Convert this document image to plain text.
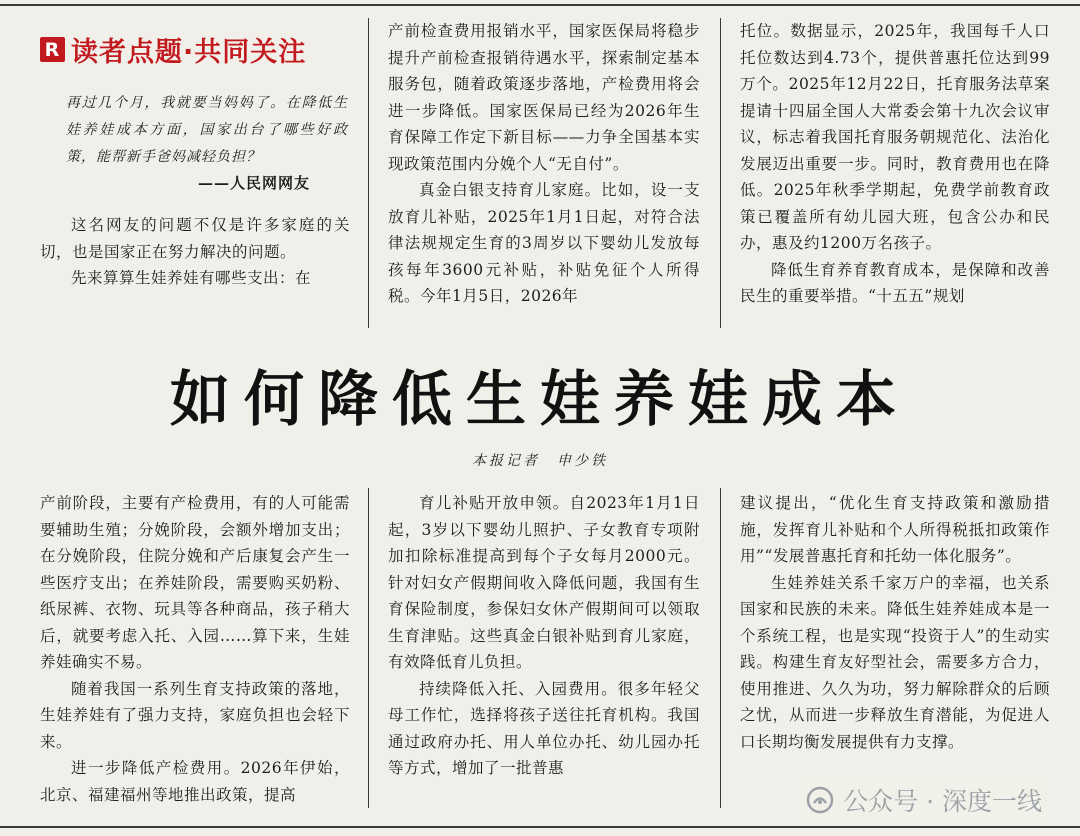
R 读者点题·共同关注
再过几个月，我就要当妈妈了。在降低生娃养娃成本方面，国家出台了哪些好政策，能帮新手爸妈减轻负担？
——人民网网友

这名网友的问题不仅是许多家庭的关切，也是国家正在努力解决的问题。

先来算算生娃养娃有哪些支出：在

产前检查费用报销水平，国家医保局将稳步提升产前检查报销待遇水平，探索制定基本服务包，随着政策逐步落地，产检费用将会进一步降低。国家医保局已经为2026年生育保障工作定下新目标——力争全国基本实现政策范围内分娩个人“无自付”。

真金白银支持育儿家庭。比如，设一支放育儿补贴，2025年1月1日起，对符合法律法规规定生育的3周岁以下婴幼儿发放每孩每年3600元补贴，补贴免征个人所得税。今年1月5日，2026年

托位。数据显示，2025年，我国每千人口托位数达到4.73个，提供普惠托位达到99万个。2025年12月22日，托育服务法草案提请十四届全国人大常委会第十九次会议审议，标志着我国托育服务朝规范化、法治化发展迈出重要一步。同时，教育费用也在降低。2025年秋季学期起，免费学前教育政策已覆盖所有幼儿园大班，包含公办和民办，惠及约1200万名孩子。

降低生育养育教育成本，是保障和改善民生的重要举措。“十五五”规划

如何降低生娃养娃成本
本报记者　申少铁

产前阶段，主要有产检费用，有的人可能需要辅助生殖；分娩阶段，会额外增加支出；在分娩阶段，住院分娩和产后康复会产生一些医疗支出；在养娃阶段，需要购买奶粉、纸尿裤、衣物、玩具等各种商品，孩子稍大后，就要考虑入托、入园……算下来，生娃养娃确实不易。

随着我国一系列生育支持政策的落地，生娃养娃有了强力支持，家庭负担也会轻下来。

进一步降低产检费用。2026年伊始，北京、福建福州等地推出政策，提高

育儿补贴开放申领。自2023年1月1日起，3岁以下婴幼儿照护、子女教育专项附加扣除标准提高到每个子女每月2000元。针对妇女产假期间收入降低问题，我国有生育保险制度，参保妇女休产假期间可以领取生育津贴。这些真金白银补贴到育儿家庭，有效降低育儿负担。

持续降低入托、入园费用。很多年轻父母工作忙，选择将孩子送往托育机构。我国通过政府办托、用人单位办托、幼儿园办托等方式，增加了一批普惠

建议提出，“优化生育支持政策和激励措施，发挥育儿补贴和个人所得税抵扣政策作用”“发展普惠托育和托幼一体化服务”。

生娃养娃关系千家万户的幸福，也关系国家和民族的未来。降低生娃养娃成本是一个系统工程，也是实现“投资于人”的生动实践。构建生育友好型社会，需要多方合力，使用推进、久久为功，努力解除群众的后顾之忧，从而进一步释放生育潜能，为促进人口长期均衡发展提供有力支撑。

公众号 · 深度一线
